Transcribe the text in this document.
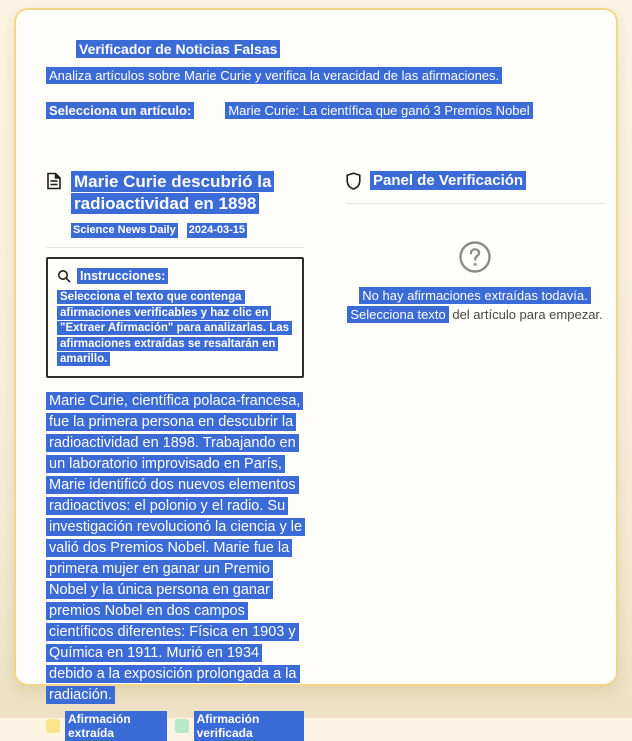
Verificador de Noticias Falsas

Analiza artículos sobre Marie Curie y verifica la veracidad de las afirmaciones.

Selecciona un artículo:	Marie Curie: La científica que ganó 3 Premios Nobel
Marie Curie descubrió la radioactividad en 1898
Science News Daily 2024-03-15
Instrucciones:

Selecciona el texto que contenga afirmaciones verificables y haz clic en "Extraer Afirmación" para analizarlas. Las afirmaciones extraídas se resaltarán en amarillo.

Marie Curie, científica polaca-francesa, fue la primera persona en descubrir la radioactividad en 1898. Trabajando en un laboratorio improvisado en París, Marie identificó dos nuevos elementos radioactivos: el polonio y el radio. Su investigación revolucionó la ciencia y le valió dos Premios Nobel. Marie fue la primera mujer en ganar un Premio Nobel y la única persona en ganar premios Nobel en dos campos científicos diferentes: Física en 1903 y Química en 1911. Murió en 1934 debido a la exposición prolongada a la radiación.

Afirmación extraída
Afirmación verificada
Panel de Verificación

No hay afirmaciones extraídas todavía.

Selecciona texto del artículo para empezar.
